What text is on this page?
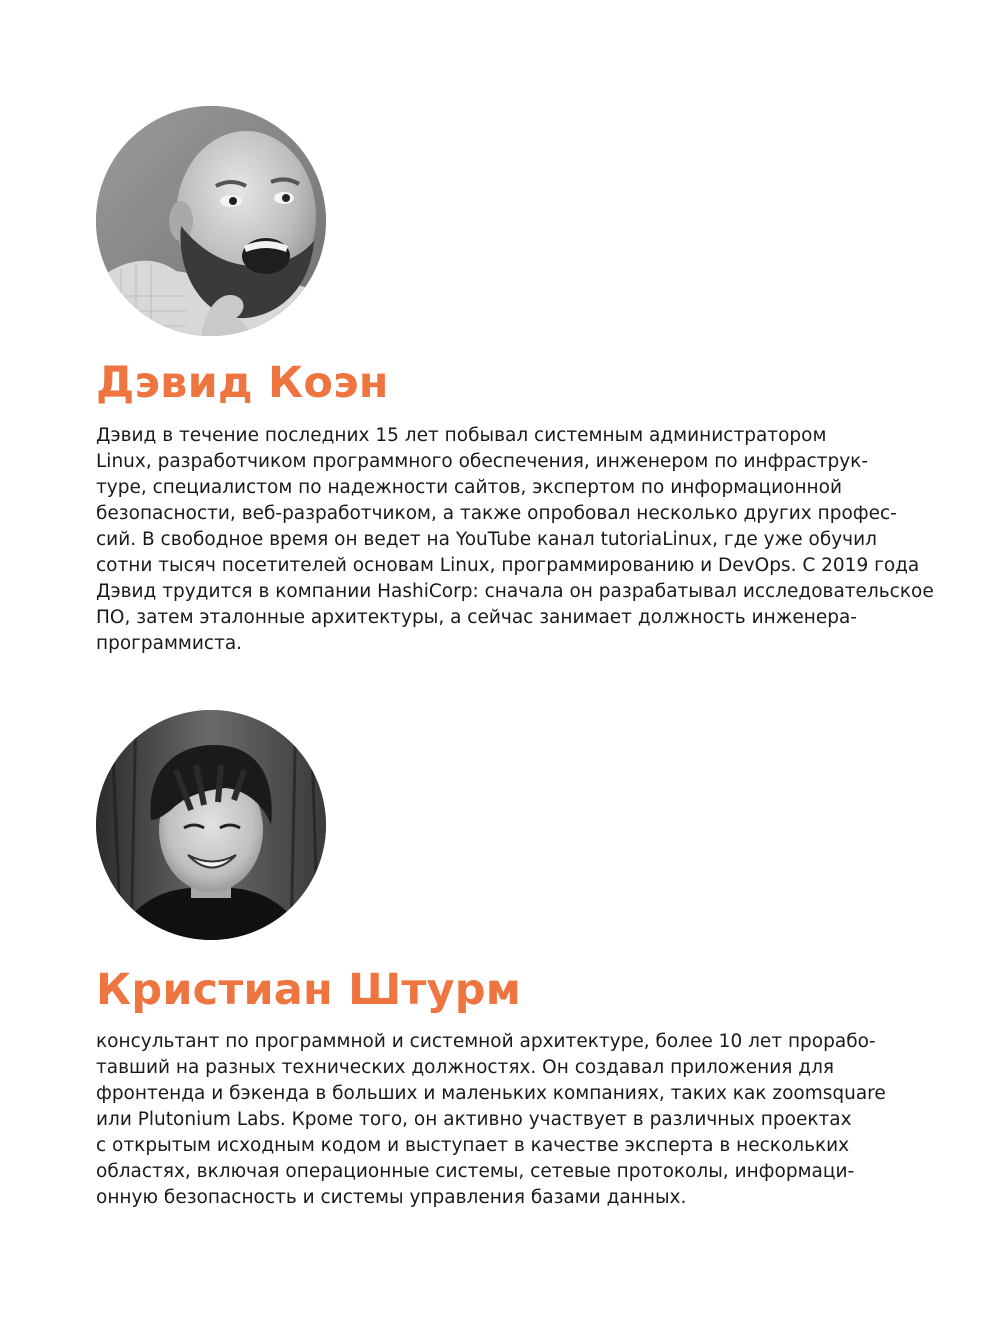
Дэвид Коэн

Дэвид в течение последних 15 лет побывал системным администратором
Linux, разработчиком программного обеспечения, инженером по инфраструк-
туре, специалистом по надежности сайтов, экспертом по информационной
безопасности, веб-разработчиком, а также опробовал несколько других профес-
сий. В свободное время он ведет на YouTube канал tutoriaLinux, где уже обучил
сотни тысяч посетителей основам Linux, программированию и DevOps. С 2019 года
Дэвид трудится в компании HashiCorp: сначала он разрабатывал исследовательское
ПО, затем эталонные архитектуры, а сейчас занимает должность инженера-
программиста.

Кристиан Штурм

консультант по программной и системной архитектуре, более 10 лет прорабо-
тавший на разных технических должностях. Он создавал приложения для
фронтенда и бэкенда в больших и маленьких компаниях, таких как zoomsquare
или Plutonium Labs. Кроме того, он активно участвует в различных проектах
с открытым исходным кодом и выступает в качестве эксперта в нескольких
областях, включая операционные системы, сетевые протоколы, информаци-
онную безопасность и системы управления базами данных.
